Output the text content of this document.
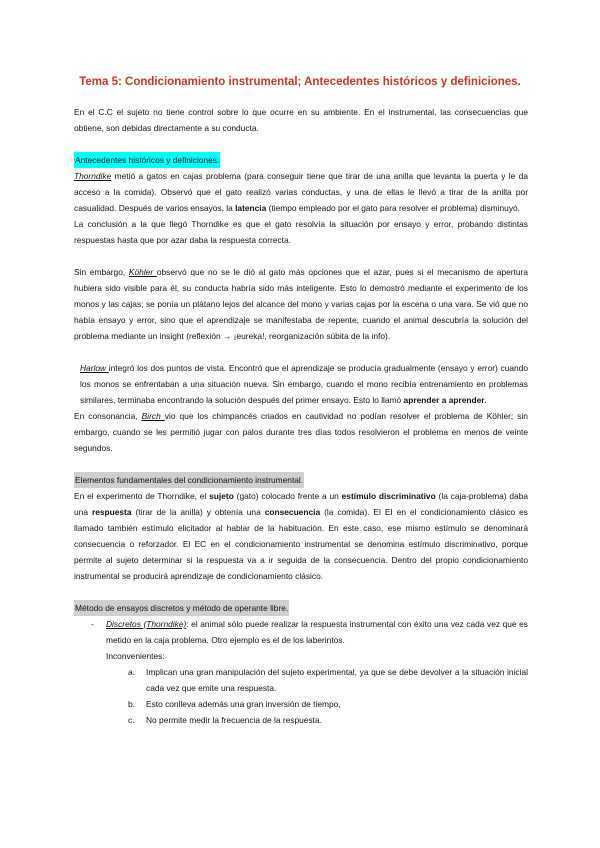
Tema 5: Condicionamiento instrumental; Antecedentes históricos y definiciones.

En el C.C el sujeto no tiene control sobre lo que ocurre en su ambiente. En el instrumental, las consecuencias que obtiene, son debidas directamente a su conducta.

Antecedentes históricos y definiciones.

Thorndike metió a gatos en cajas problema (para conseguir tiene que tirar de una anilla que levanta la puerta y le da acceso a la comida). Observó que el gato realizó varias conductas, y una de ellas le llevó a tirar de la anilla por casualidad. Después de varios ensayos, la latencia (tiempo empleado por el gato para resolver el problema) disminuyó.

La conclusión a la que llegó Thorndike es que el gato resolvía la situación por ensayo y error, probando distintas respuestas hasta que por azar daba la respuesta correcta.

Sin embargo, Köhler observó que no se le dió al gato más opciones que el azar, pues si el mecanismo de apertura hubiera sido visible para él, su conducta habría sido más inteligente. Esto lo demostró mediante el experimento de los monos y las cajas; se ponía un plátano lejos del alcance del mono y varias cajas por la escena o una vara. Se vió que no había ensayo y error, sino que el aprendizaje se manifestaba de repente, cuando el animal descubría la solución del problema mediante un insight (reflexión → ¡eureka!, reorganización súbita de la info).

Harlow integró los dos puntos de vista. Encontró que el aprendizaje se producía gradualmente (ensayo y error) cuando los monos se enfrentaban a una situación nueva. Sin embargo, cuando el mono recibía entrenamiento en problemas similares, terminaba encontrando la solución después del primer ensayo. Esto lo llamó aprender a aprender.

En consonancia, Birch vio que los chimpancés criados en cautividad no podían resolver el problema de Köhler; sin embargo, cuando se les permitió jugar con palos durante tres días todos resolvieron el problema en menos de veinte segundos.

Elementos fundamentales del condicionamiento instrumental.

En el experimento de Thorndike, el sujeto (gato) colocado frente a un estímulo discriminativo (la caja-problema) daba una respuesta (tirar de la anilla) y obtenía una consecuencia (la comida). El EI en el condicionamiento clásico es llamado también estímulo elicitador al hablar de la habituación. En este caso, ese mismo estímulo se denominará consecuencia o reforzador. El EC en el condicionamiento instrumental se denomina estímulo discriminativo, porque permite al sujeto determinar si la respuesta va a ir seguida de la consecuencia. Dentro del propio condicionamiento instrumental se producirá aprendizaje de condicionamiento clásico.

Método de ensayos discretos y método de operante libre.

- Discretos (Thorndike): el animal sólo puede realizar la respuesta instrumental con éxito una vez cada vez que es metido en la caja problema. Otro ejemplo es el de los laberintos.
Inconvenientes:
a. Implican una gran manipulación del sujeto experimental, ya que se debe devolver a la situación inicial cada vez que emite una respuesta.
b. Esto conlleva además una gran inversión de tiempo,
c. No permite medir la frecuencia de la respuesta.
